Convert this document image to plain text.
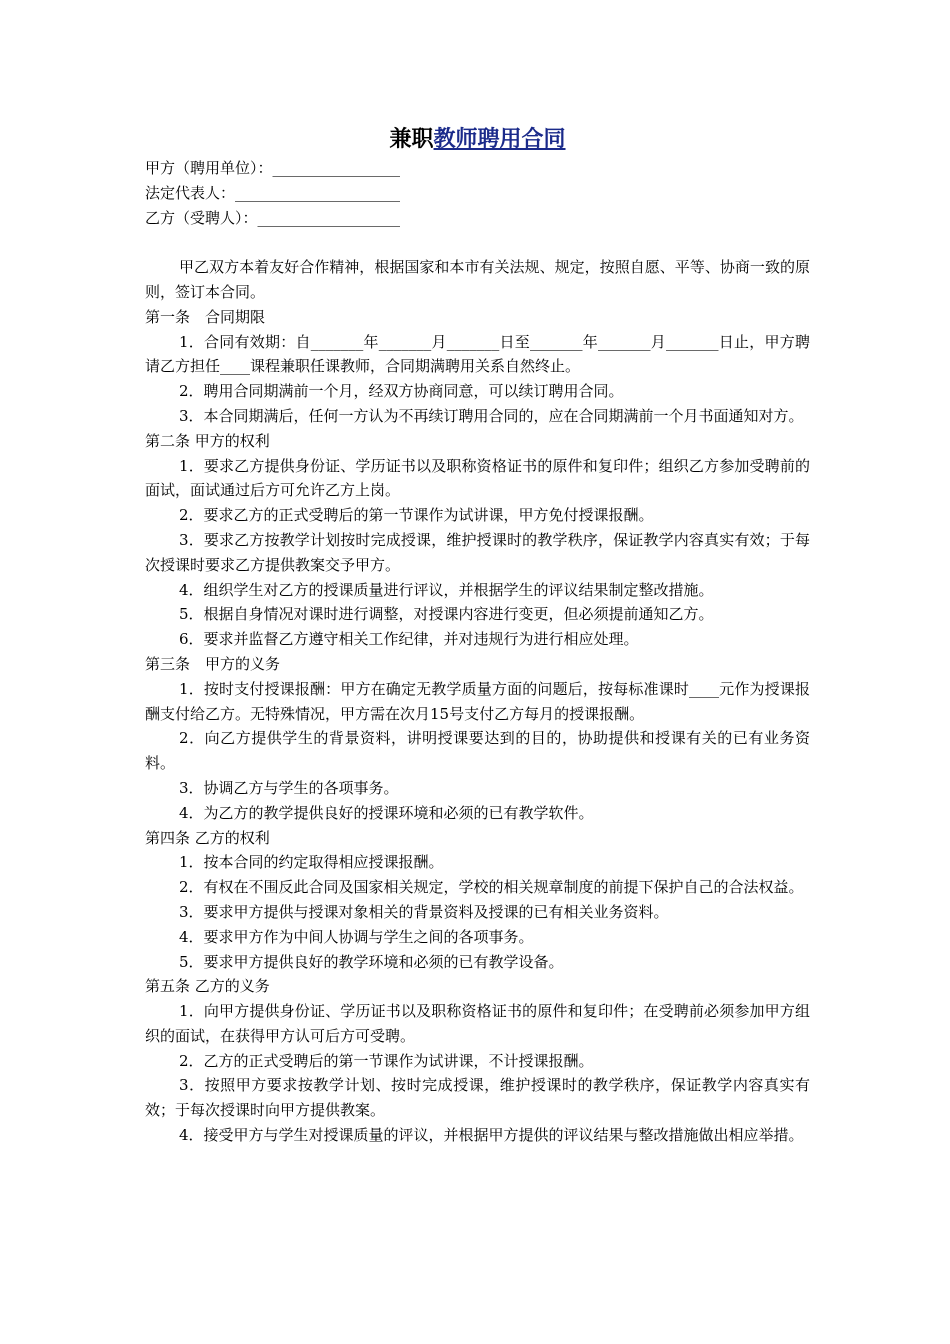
兼职教师聘用合同

甲方（聘用单位）：_________________

法定代表人：______________________

乙方（受聘人）：___________________

甲乙双方本着友好合作精神，根据国家和本市有关法规、规定，按照自愿、平等、协商一致的原则，签订本合同。

第一条　合同期限

1．合同有效期：自_______年_______月_______日至_______年_______月_______日止，甲方聘请乙方担任____课程兼职任课教师，合同期满聘用关系自然终止。

2．聘用合同期满前一个月，经双方协商同意，可以续订聘用合同。

3．本合同期满后，任何一方认为不再续订聘用合同的，应在合同期满前一个月书面通知对方。

第二条 甲方的权利

1．要求乙方提供身份证、学历证书以及职称资格证书的原件和复印件；组织乙方参加受聘前的面试，面试通过后方可允许乙方上岗。

2．要求乙方的正式受聘后的第一节课作为试讲课，甲方免付授课报酬。

3．要求乙方按教学计划按时完成授课，维护授课时的教学秩序，保证教学内容真实有效；于每次授课时要求乙方提供教案交予甲方。

4．组织学生对乙方的授课质量进行评议，并根据学生的评议结果制定整改措施。

5．根据自身情况对课时进行调整，对授课内容进行变更，但必须提前通知乙方。

6．要求并监督乙方遵守相关工作纪律，并对违规行为进行相应处理。

第三条　甲方的义务

1．按时支付授课报酬：甲方在确定无教学质量方面的问题后，按每标准课时____元作为授课报酬支付给乙方。无特殊情况，甲方需在次月15号支付乙方每月的授课报酬。

2．向乙方提供学生的背景资料，讲明授课要达到的目的，协助提供和授课有关的已有业务资料。

3．协调乙方与学生的各项事务。

4．为乙方的教学提供良好的授课环境和必须的已有教学软件。

第四条 乙方的权利

1．按本合同的约定取得相应授课报酬。

2．有权在不围反此合同及国家相关规定，学校的相关规章制度的前提下保护自己的合法权益。

3．要求甲方提供与授课对象相关的背景资料及授课的已有相关业务资料。

4．要求甲方作为中间人协调与学生之间的各项事务。

5．要求甲方提供良好的教学环境和必须的已有教学设备。

第五条 乙方的义务

1．向甲方提供身份证、学历证书以及职称资格证书的原件和复印件；在受聘前必须参加甲方组织的面试，在获得甲方认可后方可受聘。

2．乙方的正式受聘后的第一节课作为试讲课，不计授课报酬。

3．按照甲方要求按教学计划、按时完成授课，维护授课时的教学秩序，保证教学内容真实有效；于每次授课时向甲方提供教案。

4．接受甲方与学生对授课质量的评议，并根据甲方提供的评议结果与整改措施做出相应举措。
